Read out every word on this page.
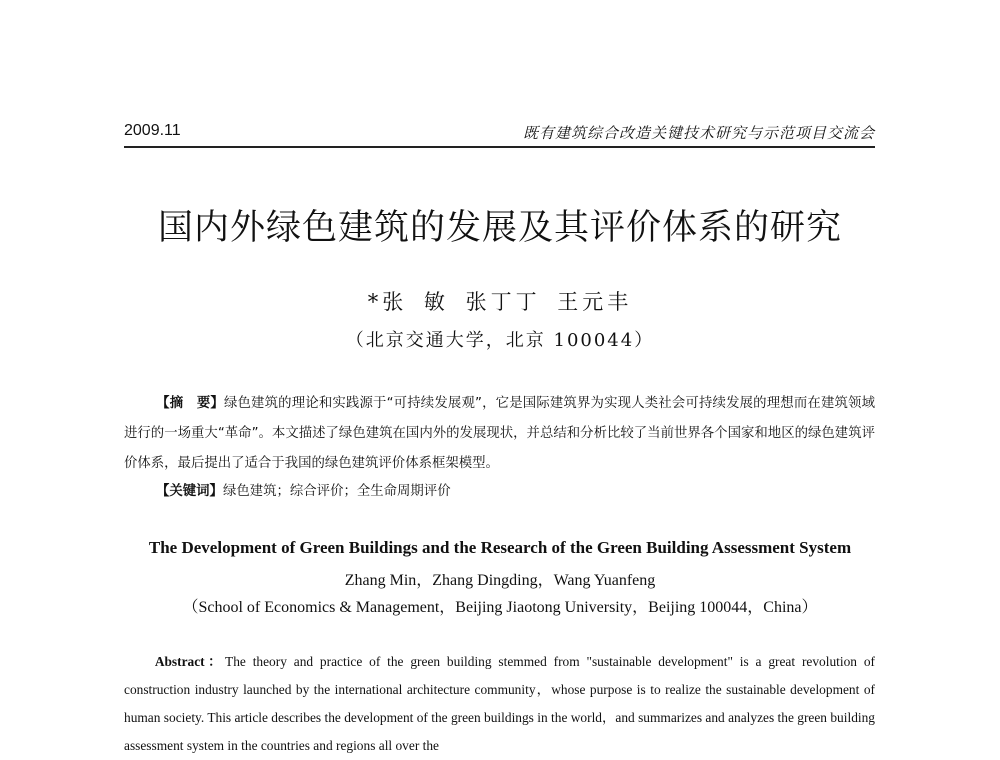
2009.11	既有建筑综合改造关键技术研究与示范项目交流会
国内外绿色建筑的发展及其评价体系的研究
*张 敏 张丁丁 王元丰
（北京交通大学，北京 100044）

【摘　要】绿色建筑的理论和实践源于“可持续发展观”，它是国际建筑界为实现人类社会可持续发展的理想而在建筑领域进行的一场重大“革命”。本文描述了绿色建筑在国内外的发展现状，并总结和分析比较了当前世界各个国家和地区的绿色建筑评价体系，最后提出了适合于我国的绿色建筑评价体系框架模型。

【关键词】绿色建筑；综合评价；全生命周期评价

The Development of Green Buildings and the Research of the Green Building Assessment System
Zhang Min，Zhang Dingding，Wang Yuanfeng
（School of Economics & Management，Beijing Jiaotong University，Beijing 100044，China）

Abstract：The theory and practice of the green building stemmed from "sustainable development" is a great revolution of construction industry launched by the international architecture community，whose purpose is to realize the sustainable development of human society. This article describes the development of the green buildings in the world，and summarizes and analyzes the green building assessment system in the countries and regions all over the
